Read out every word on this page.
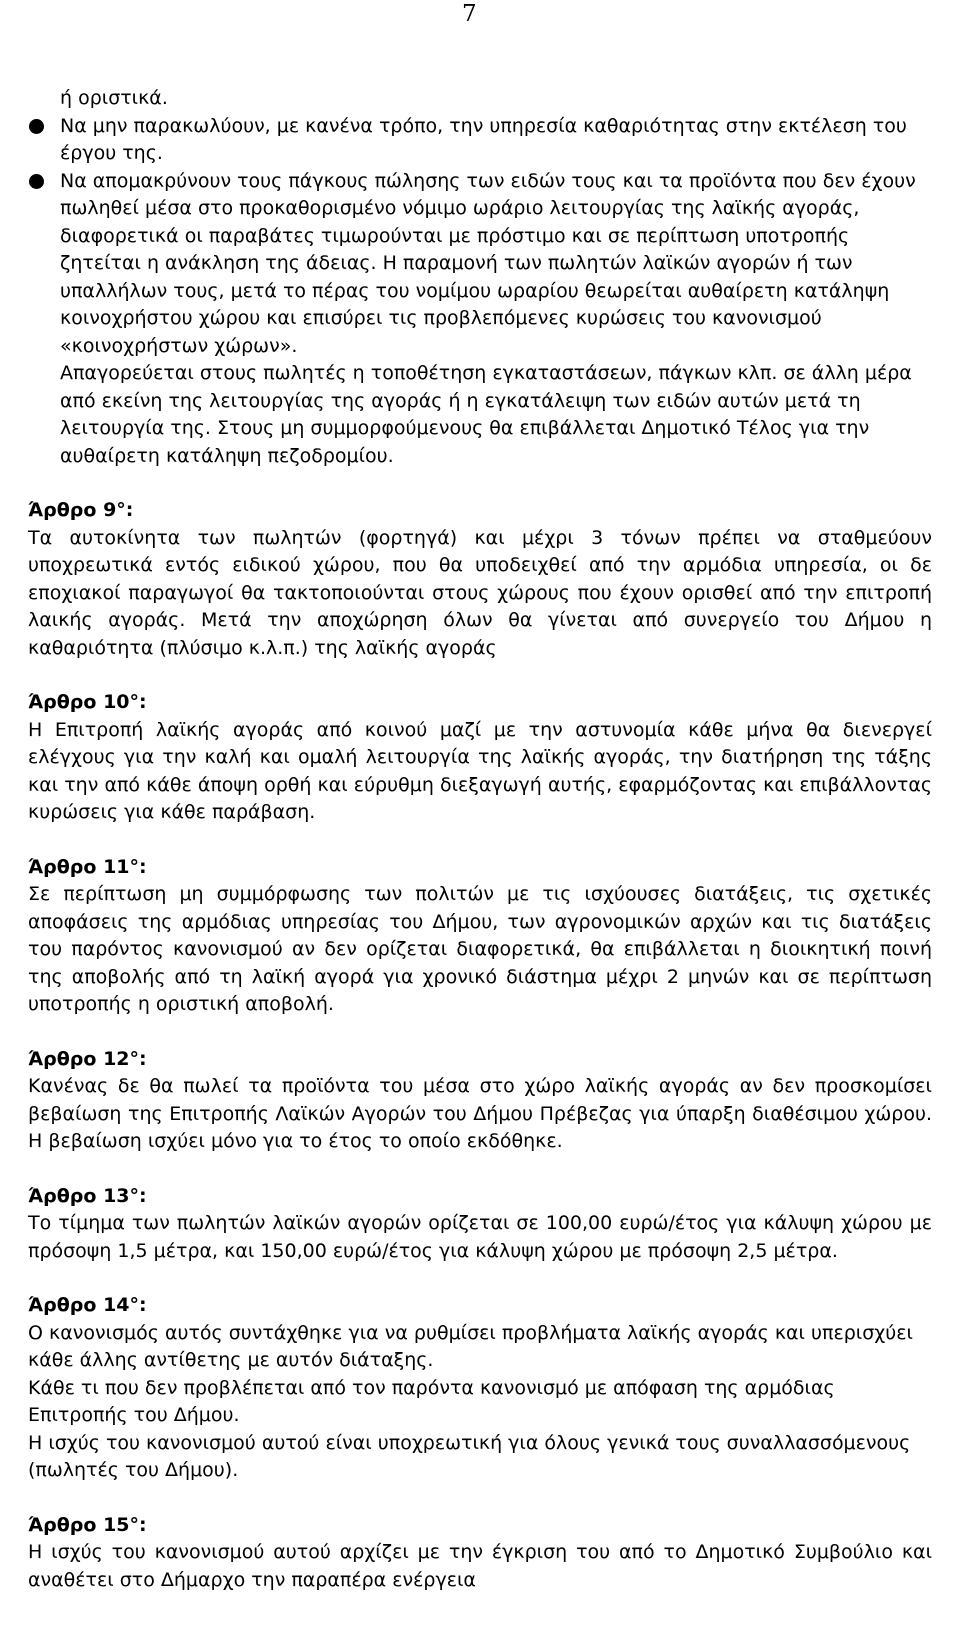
7
ή οριστικά.
Να μην παρακωλύουν, με κανένα τρόπο, την υπηρεσία καθαριότητας στην εκτέλεση του έργου της.
Να απομακρύνουν τους πάγκους πώλησης των ειδών τους και τα προϊόντα που δεν έχουν πωληθεί μέσα στο προκαθορισμένο νόμιμο ωράριο λειτουργίας της λαϊκής αγοράς, διαφορετικά οι παραβάτες τιμωρούνται με πρόστιμο και σε περίπτωση υποτροπής ζητείται η ανάκληση της άδειας. Η παραμονή των πωλητών λαϊκών αγορών ή των υπαλλήλων τους, μετά το πέρας του νομίμου ωραρίου θεωρείται αυθαίρετη κατάληψη κοινοχρήστου χώρου και επισύρει τις προβλεπόμενες κυρώσεις του κανονισμού «κοινοχρήστων χώρων».
Απαγορεύεται στους πωλητές η τοποθέτηση εγκαταστάσεων, πάγκων κλπ. σε άλλη μέρα από εκείνη της λειτουργίας της αγοράς ή η εγκατάλειψη των ειδών αυτών μετά τη λειτουργία της. Στους μη συμμορφούμενους θα επιβάλλεται Δημοτικό Τέλος για την αυθαίρετη κατάληψη πεζοδρομίου.
Άρθρο 9°:
Τα αυτοκίνητα των πωλητών (φορτηγά) και μέχρι 3 τόνων πρέπει να σταθμεύουν υποχρεωτικά εντός ειδικού χώρου, που θα υποδειχθεί από την αρμόδια υπηρεσία, οι δε εποχιακοί παραγωγοί θα τακτοποιούνται στους χώρους που έχουν ορισθεί από την επιτροπή λαικής αγοράς. Μετά την αποχώρηση όλων θα γίνεται από συνεργείο του Δήμου η καθαριότητα (πλύσιμο κ.λ.π.) της λαϊκής αγοράς
Άρθρο 10°:
Η Επιτροπή λαϊκής αγοράς από κοινού μαζί με την αστυνομία κάθε μήνα θα διενεργεί ελέγχους για την καλή και ομαλή λειτουργία της λαϊκής αγοράς, την διατήρηση της τάξης και την από κάθε άποψη ορθή και εύρυθμη διεξαγωγή αυτής, εφαρμόζοντας και επιβάλλοντας κυρώσεις για κάθε παράβαση.
Άρθρο 11°:
Σε περίπτωση μη συμμόρφωσης των πολιτών με τις ισχύουσες διατάξεις, τις σχετικές αποφάσεις της αρμόδιας υπηρεσίας του Δήμου, των αγρονομικών αρχών και τις διατάξεις του παρόντος κανονισμού αν δεν ορίζεται διαφορετικά, θα επιβάλλεται η διοικητική ποινή της αποβολής από τη λαϊκή αγορά για χρονικό διάστημα μέχρι 2 μηνών και σε περίπτωση υποτροπής η οριστική αποβολή.
Άρθρο 12°:
Κανένας δε θα πωλεί τα προϊόντα του μέσα στο χώρο λαϊκής αγοράς αν δεν προσκομίσει βεβαίωση της Επιτροπής Λαϊκών Αγορών του Δήμου Πρέβεζας για ύπαρξη διαθέσιμου χώρου. Η βεβαίωση ισχύει μόνο για το έτος το οποίο εκδόθηκε.
Άρθρο 13°:
Το τίμημα των πωλητών λαϊκών αγορών ορίζεται σε 100,00 ευρώ/έτος για κάλυψη χώρου με πρόσοψη 1,5 μέτρα, και 150,00 ευρώ/έτος για κάλυψη χώρου με πρόσοψη 2,5 μέτρα.
Άρθρο 14°:
Ο κανονισμός αυτός συντάχθηκε για να ρυθμίσει προβλήματα λαϊκής αγοράς και υπερισχύει κάθε άλλης αντίθετης με αυτόν διάταξης.
Κάθε τι που δεν προβλέπεται από τον παρόντα κανονισμό με απόφαση της αρμόδιας Επιτροπής του Δήμου.
Η ισχύς του κανονισμού αυτού είναι υποχρεωτική για όλους γενικά τους συναλλασσόμενους (πωλητές του Δήμου).
Άρθρο 15°:
Η ισχύς του κανονισμού αυτού αρχίζει με την έγκριση του από το Δημοτικό Συμβούλιο και αναθέτει στο Δήμαρχο την παραπέρα ενέργεια
